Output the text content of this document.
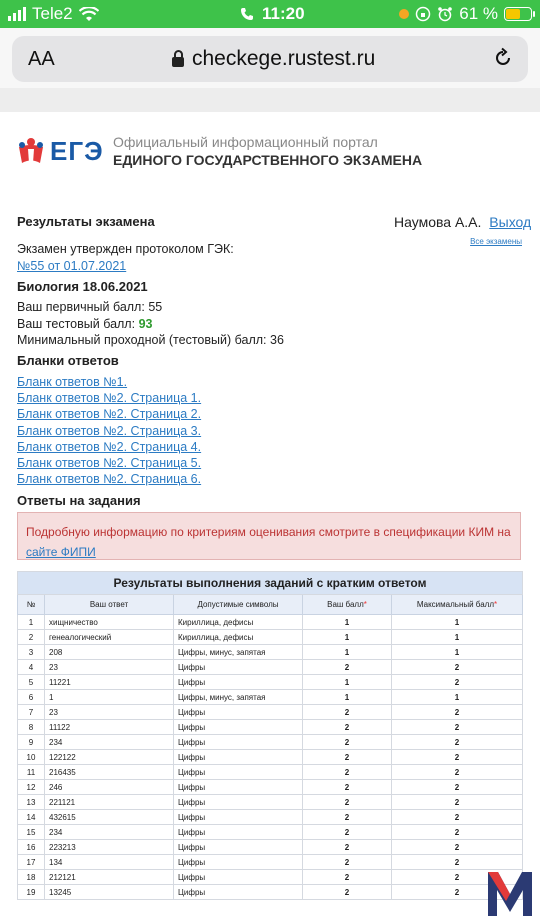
Tele2	11:20	61 %
AA	checkege.rustest.ru
ЕГЭ Официальный информационный портал
ЕДИНОГО ГОСУДАРСТВЕННОГО ЭКЗАМЕНА
Результаты экзамена	Наумова А.А. Выход
Все экзамены
Экзамен утвержден протоколом ГЭК:
№55 от 01.07.2021
Биология 18.06.2021
Ваш первичный балл: 55
Ваш тестовый балл: 93
Минимальный проходной (тестовый) балл: 36
Бланки ответов
Бланк ответов №1.
Бланк ответов №2. Страница 1.
Бланк ответов №2. Страница 2.
Бланк ответов №2. Страница 3.
Бланк ответов №2. Страница 4.
Бланк ответов №2. Страница 5.
Бланк ответов №2. Страница 6.
Ответы на задания
Подробную информацию по критериям оценивания смотрите в спецификации КИМ на сайте ФИПИ
Результаты выполнения заданий с кратким ответом				
№	Ваш ответ	Допустимые символы	Ваш балл*	Максимальный балл*
1	хищничество	Кириллица, дефисы	1	1
2	генеалогический	Кириллица, дефисы	1	1
3	208	Цифры, минус, запятая	1	1
4	23	Цифры	2	2
5	11221	Цифры	1	2
6	1	Цифры, минус, запятая	1	1
7	23	Цифры	2	2
8	11122	Цифры	2	2
9	234	Цифры	2	2
10	122122	Цифры	2	2
11	216435	Цифры	2	2
12	246	Цифры	2	2
13	221121	Цифры	2	2
14	432615	Цифры	2	2
15	234	Цифры	2	2
16	223213	Цифры	2	2
17	134	Цифры	2	2
18	212121	Цифры	2	2
19	13245	Цифры	2	2
